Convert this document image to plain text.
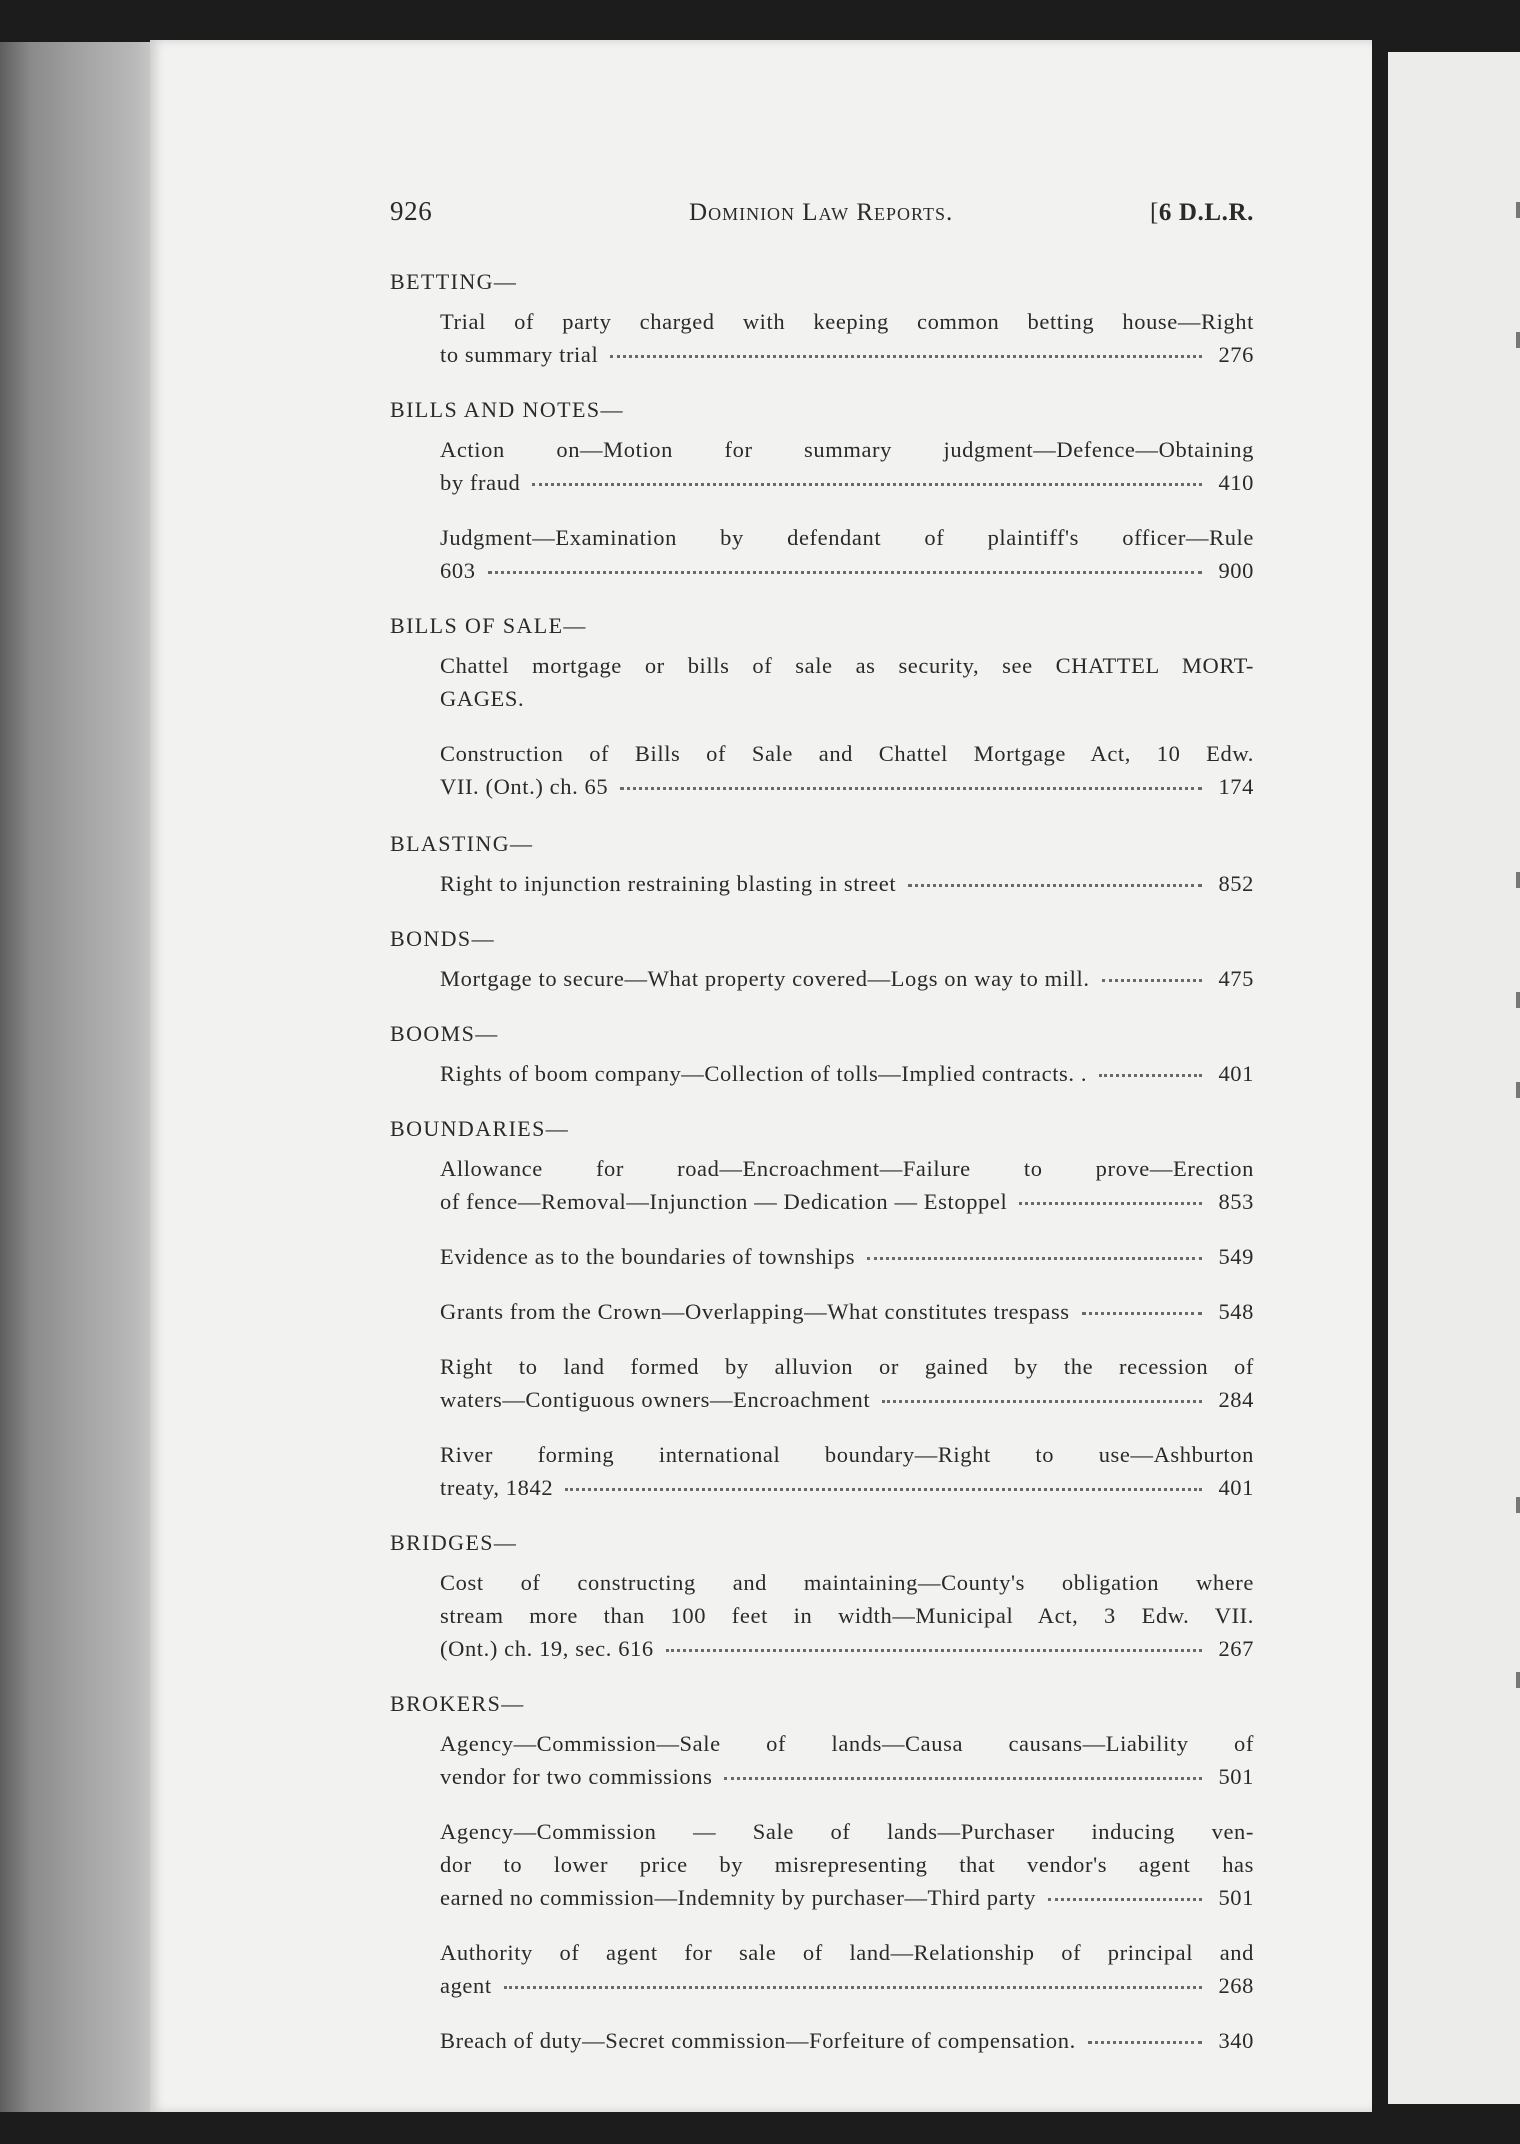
926	Dominion Law Reports.	[6 D.L.R.
BETTING—
Trial of party charged with keeping common betting house—Right
to summary trial	276
BILLS AND NOTES—
Action on—Motion for summary judgment—Defence—Obtaining
by fraud	410
Judgment—Examination by defendant of plaintiff's officer—Rule
603	900
BILLS OF SALE—
Chattel mortgage or bills of sale as security, see CHATTEL MORT-
GAGES.
Construction of Bills of Sale and Chattel Mortgage Act, 10 Edw.
VII. (Ont.) ch. 65	174
BLASTING—
Right to injunction restraining blasting in street	852
BONDS—
Mortgage to secure—What property covered—Logs on way to mill.	475
BOOMS—
Rights of boom company—Collection of tolls—Implied contracts. .	401
BOUNDARIES—
Allowance for road—Encroachment—Failure to prove—Erection
of fence—Removal—Injunction — Dedication — Estoppel	853
Evidence as to the boundaries of townships	549
Grants from the Crown—Overlapping—What constitutes trespass	548
Right to land formed by alluvion or gained by the recession of
waters—Contiguous owners—Encroachment	284
River forming international boundary—Right to use—Ashburton
treaty, 1842	401
BRIDGES—
Cost of constructing and maintaining—County's obligation where
stream more than 100 feet in width—Municipal Act, 3 Edw. VII.
(Ont.) ch. 19, sec. 616	267
BROKERS—
Agency—Commission—Sale of lands—Causa causans—Liability of
vendor for two commissions	501
Agency—Commission — Sale of lands—Purchaser inducing ven-
dor to lower price by misrepresenting that vendor's agent has
earned no commission—Indemnity by purchaser—Third party	501
Authority of agent for sale of land—Relationship of principal and
agent	268
Breach of duty—Secret commission—Forfeiture of compensation.	340
